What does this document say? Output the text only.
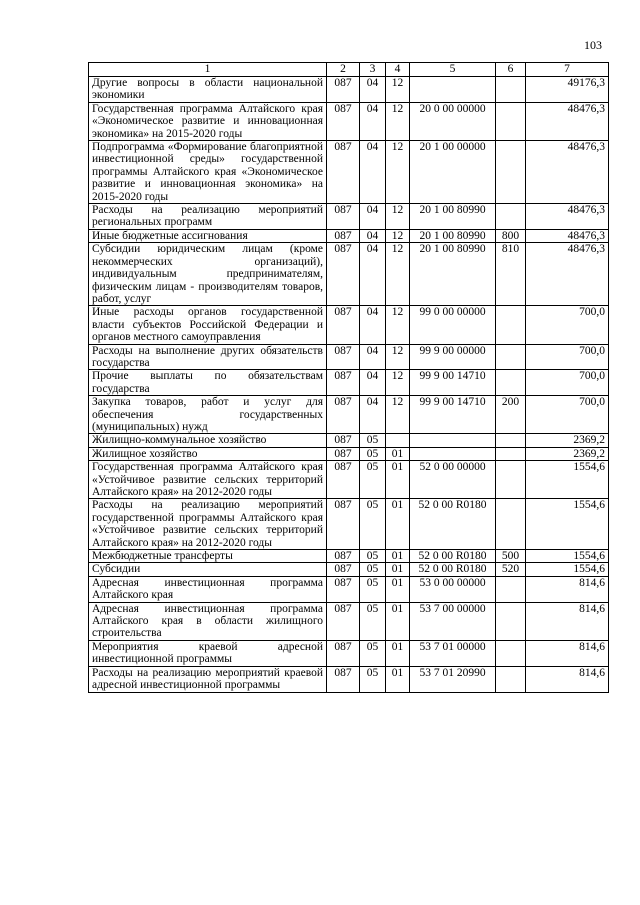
103
1	2	3	4	5	6	7
Другие вопросы в области национальной экономики	087	04	12			49176,3
Государственная программа Алтайского края «Экономическое развитие и инновационная экономика» на 2015-2020 годы	087	04	12	20 0 00 00000		48476,3
Подпрограмма «Формирование благоприятной инвестиционной среды» государственной программы Алтайского края «Экономическое развитие и инновационная экономика» на 2015-2020 годы	087	04	12	20 1 00 00000		48476,3
Расходы на реализацию мероприятий региональных программ	087	04	12	20 1 00 80990		48476,3
Иные бюджетные ассигнования	087	04	12	20 1 00 80990	800	48476,3
Субсидии юридическим лицам (кроме некоммерческих организаций), индивидуальным предпринимателям, физическим лицам - производителям товаров, работ, услуг	087	04	12	20 1 00 80990	810	48476,3
Иные расходы органов государственной власти субъектов Российской Федерации и органов местного самоуправления	087	04	12	99 0 00 00000		700,0
Расходы на выполнение других обязательств государства	087	04	12	99 9 00 00000		700,0
Прочие выплаты по обязательствам государства	087	04	12	99 9 00 14710		700,0
Закупка товаров, работ и услуг для обеспечения государственных (муниципальных) нужд	087	04	12	99 9 00 14710	200	700,0
Жилищно-коммунальное хозяйство	087	05				2369,2
Жилищное хозяйство	087	05	01			2369,2
Государственная программа Алтайского края «Устойчивое развитие сельских территорий Алтайского края» на 2012-2020 годы	087	05	01	52 0 00 00000		1554,6
Расходы на реализацию мероприятий государственной программы Алтайского края «Устойчивое развитие сельских территорий Алтайского края» на 2012-2020 годы	087	05	01	52 0 00 R0180		1554,6
Межбюджетные трансферты	087	05	01	52 0 00 R0180	500	1554,6
Субсидии	087	05	01	52 0 00 R0180	520	1554,6
Адресная инвестиционная программа Алтайского края	087	05	01	53 0 00 00000		814,6
Адресная инвестиционная программа Алтайского края в области жилищного строительства	087	05	01	53 7 00 00000		814,6
Мероприятия краевой адресной инвестиционной программы	087	05	01	53 7 01 00000		814,6
Расходы на реализацию мероприятий краевой адресной инвестиционной программы	087	05	01	53 7 01 20990		814,6
